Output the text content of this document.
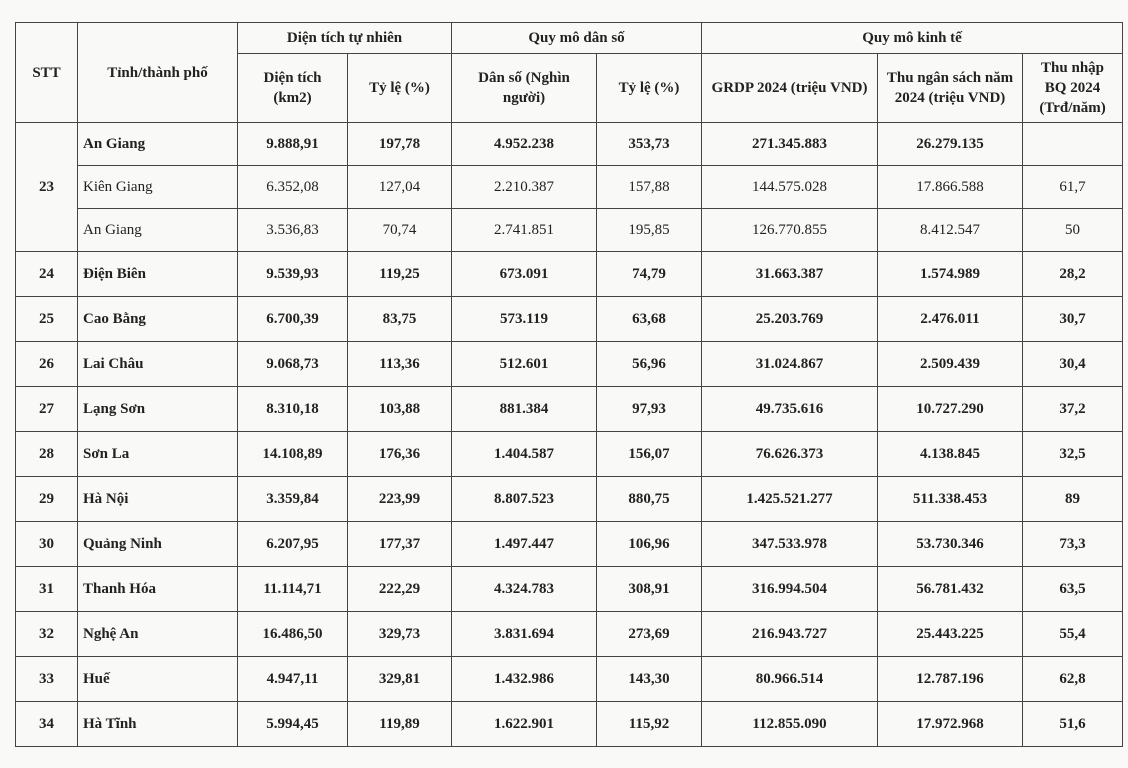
STT	Tỉnh/thành phố	Diện tích tự nhiên		Quy mô dân số		Quy mô kinh tế		
		Diện tích (km2)	Tỷ lệ (%)	Dân số (Nghìn người)	Tỷ lệ (%)	GRDP 2024 (triệu VND)	Thu ngân sách năm 2024 (triệu VND)	Thu nhập BQ 2024 (Trđ/năm)
23	An Giang	9.888,91	197,78	4.952.238	353,73	271.345.883	26.279.135	
	Kiên Giang	6.352,08	127,04	2.210.387	157,88	144.575.028	17.866.588	61,7
	An Giang	3.536,83	70,74	2.741.851	195,85	126.770.855	8.412.547	50
24	Điện Biên	9.539,93	119,25	673.091	74,79	31.663.387	1.574.989	28,2
25	Cao Bằng	6.700,39	83,75	573.119	63,68	25.203.769	2.476.011	30,7
26	Lai Châu	9.068,73	113,36	512.601	56,96	31.024.867	2.509.439	30,4
27	Lạng Sơn	8.310,18	103,88	881.384	97,93	49.735.616	10.727.290	37,2
28	Sơn La	14.108,89	176,36	1.404.587	156,07	76.626.373	4.138.845	32,5
29	Hà Nội	3.359,84	223,99	8.807.523	880,75	1.425.521.277	511.338.453	89
30	Quảng Ninh	6.207,95	177,37	1.497.447	106,96	347.533.978	53.730.346	73,3
31	Thanh Hóa	11.114,71	222,29	4.324.783	308,91	316.994.504	56.781.432	63,5
32	Nghệ An	16.486,50	329,73	3.831.694	273,69	216.943.727	25.443.225	55,4
33	Huế	4.947,11	329,81	1.432.986	143,30	80.966.514	12.787.196	62,8
34	Hà Tĩnh	5.994,45	119,89	1.622.901	115,92	112.855.090	17.972.968	51,6
